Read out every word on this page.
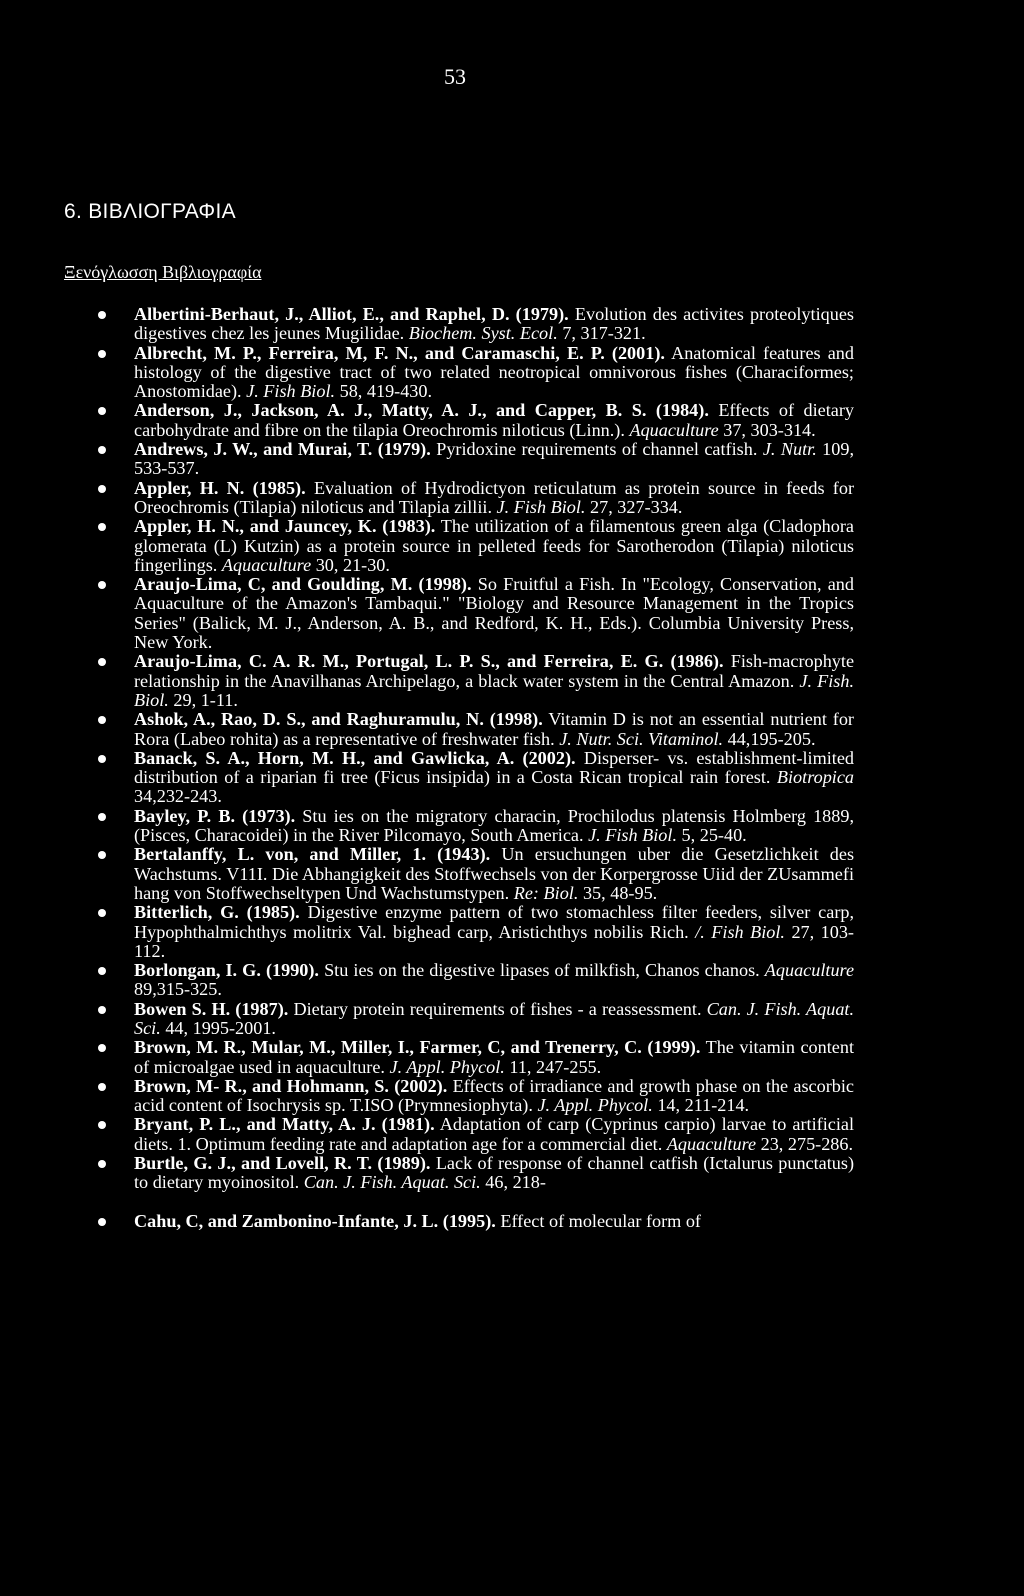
53
6. ΒΙΒΛΙΟΓΡΑΦΙΑ
Ξενόγλωσση Βιβλιογραφία
Albertini-Berhaut, J., Alliot, E., and Raphel, D. (1979). Evolution des activites proteolytiques digestives chez les jeunes Mugilidae. Biochem. Syst. Ecol. 7, 317-321.
Albrecht, M. P., Ferreira, M, F. N., and Caramaschi, E. P. (2001). Anatomical features and histology of the digestive tract of two related neotropical omnivorous fishes (Characiformes; Anostomidae). J. Fish Biol. 58, 419-430.
Anderson, J., Jackson, A. J., Matty, A. J., and Capper, B. S. (1984). Effects of dietary carbohydrate and fibre on the tilapia Oreochromis niloticus (Linn.). Aquaculture 37, 303-314.
Andrews, J. W., and Murai, T. (1979). Pyridoxine requirements of channel catfish. J. Nutr. 109, 533-537.
Appler, H. N. (1985). Evaluation of Hydrodictyon reticulatum as protein source in feeds for Oreochromis (Tilapia) niloticus and Tilapia zillii. J. Fish Biol. 27, 327-334.
Appler, H. N., and Jauncey, K. (1983). The utilization of a filamentous green alga (Cladophora glomerata (L) Kutzin) as a protein source in pelleted feeds for Sarotherodon (Tilapia) niloticus fingerlings. Aquaculture 30, 21-30.
Araujo-Lima, C, and Goulding, M. (1998). So Fruitful a Fish. In "Ecology, Conservation, and Aquaculture of the Amazon's Tambaqui." "Biology and Resource Management in the Tropics Series" (Balick, M. J., Anderson, A. B., and Redford, K. H., Eds.). Columbia University Press, New York.
Araujo-Lima, C. A. R. M., Portugal, L. P. S., and Ferreira, E. G. (1986). Fish-macrophyte relationship in the Anavilhanas Archipelago, a black water system in the Central Amazon. J. Fish. Biol. 29, 1-11.
Ashok, A., Rao, D. S., and Raghuramulu, N. (1998). Vitamin D is not an essential nutrient for Rora (Labeo rohita) as a representative of freshwater fish. J. Nutr. Sci. Vitaminol. 44,195-205.
Banack, S. A., Horn, M. H., and Gawlicka, A. (2002). Disperser- vs. establishment-limited distribution of a riparian fi tree (Ficus insipida) in a Costa Rican tropical rain forest. Biotropica 34,232-243.
Bayley, P. B. (1973). Stu ies on the migratory characin, Prochilodus platensis Holmberg 1889,(Pisces, Characoidei) in the River Pilcomayo, South America. J. Fish Biol. 5, 25-40.
Bertalanffy, L. von, and Miller, 1. (1943). Un ersuchungen uber die Gesetzlichkeit des Wachstums. V11I. Die Abhangigkeit des Stoffwechsels von der Korpergrosse Uiid der ZUsammefi hang von Stoffwechseltypen Und Wachstumstypen. Re: Biol. 35, 48-95.
Bitterlich, G. (1985). Digestive enzyme pattern of two stomachless filter feeders, silver carp, Hypophthalmichthys molitrix Val. bighead carp, Aristichthys nobilis Rich. /. Fish Biol. 27, 103-112.
Borlongan, I. G. (1990). Stu ies on the digestive lipases of milkfish, Chanos chanos. Aquaculture 89,315-325.
Bowen S. H. (1987). Dietary protein requirements of fishes - a reassessment. Can. J. Fish. Aquat. Sci. 44, 1995-2001.
Brown, M. R., Mular, M., Miller, I., Farmer, C, and Trenerry, C. (1999). The vitamin content of microalgae used in aquaculture. J. Appl. Phycol. 11, 247-255.
Brown, M- R., and Hohmann, S. (2002). Effects of irradiance and growth phase on the ascorbic acid content of Isochrysis sp. T.ISO (Prymnesiophyta). J. Appl. Phycol. 14, 211-214.
Bryant, P. L., and Matty, A. J. (1981). Adaptation of carp (Cyprinus carpio) larvae to artificial diets. 1. Optimum feeding rate and adaptation age for a commercial diet. Aquaculture 23, 275-286.
Burtle, G. J., and Lovell, R. T. (1989). Lack of response of channel catfish (Ictalurus punctatus) to dietary myoinositol. Can. J. Fish. Aquat. Sci. 46, 218-
Cahu, C, and Zambonino-Infante, J. L. (1995). Effect of molecular form of
